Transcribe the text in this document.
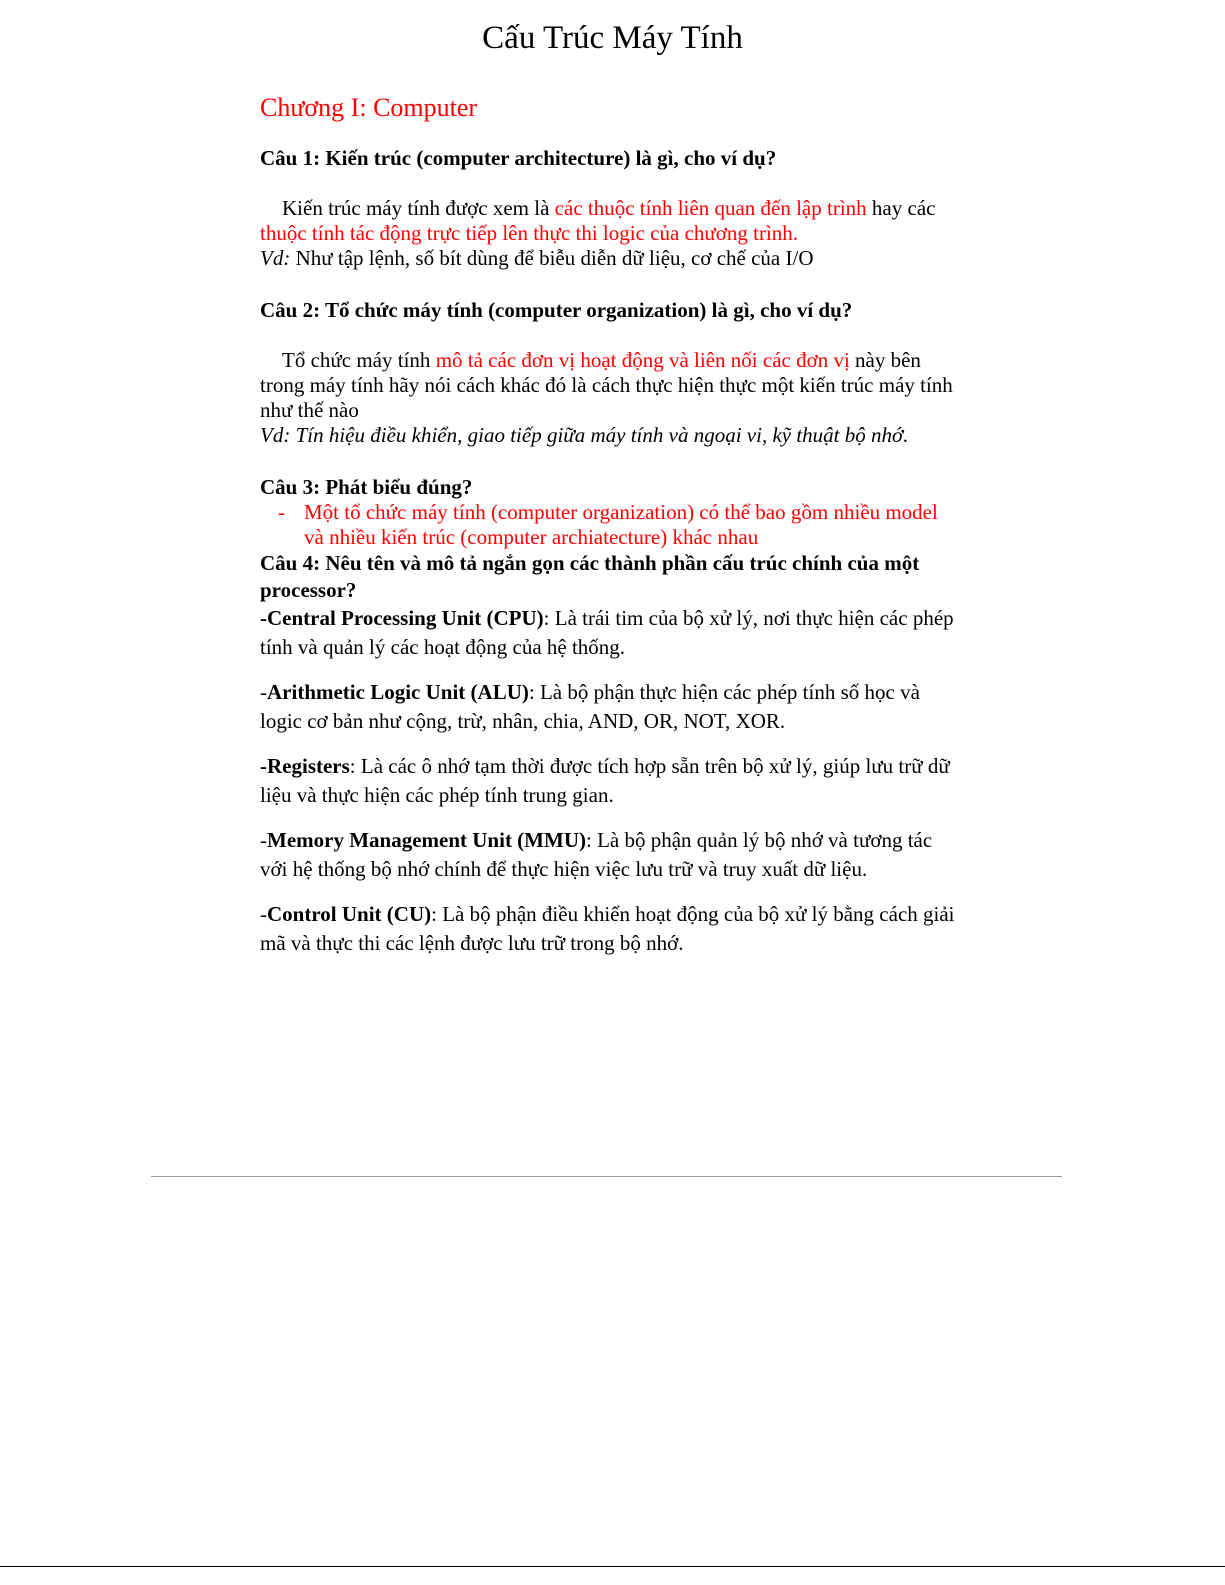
Cấu Trúc Máy Tính
Chương I: Computer

Câu 1: Kiến trúc (computer architecture) là gì, cho ví dụ?

Kiến trúc máy tính được xem là các thuộc tính liên quan đến lập trình hay các thuộc tính tác động trực tiếp lên thực thi logic của chương trình.

Vd: Như tập lệnh, số bít dùng để biễu diễn dữ liệu, cơ chế của I/O

Câu 2: Tổ chức máy tính (computer organization) là gì, cho ví dụ?

Tổ chức máy tính mô tả các đơn vị hoạt động và liên nối các đơn vị này bên trong máy tính hãy nói cách khác đó là cách thực hiện thực một kiến trúc máy tính như thế nào

Vd: Tín hiệu điều khiển, giao tiếp giữa máy tính và ngoại vi, kỹ thuật bộ nhớ.

Câu 3: Phát biểu đúng?

- Một tổ chức máy tính (computer organization) có thể bao gồm nhiều model và nhiều kiến trúc (computer archiatecture) khác nhau

Câu 4: Nêu tên và mô tả ngắn gọn các thành phần cấu trúc chính của một processor?

-Central Processing Unit (CPU): Là trái tim của bộ xử lý, nơi thực hiện các phép tính và quản lý các hoạt động của hệ thống.

-Arithmetic Logic Unit (ALU): Là bộ phận thực hiện các phép tính số học và logic cơ bản như cộng, trừ, nhân, chia, AND, OR, NOT, XOR.

-Registers: Là các ô nhớ tạm thời được tích hợp sẵn trên bộ xử lý, giúp lưu trữ dữ liệu và thực hiện các phép tính trung gian.

-Memory Management Unit (MMU): Là bộ phận quản lý bộ nhớ và tương tác với hệ thống bộ nhớ chính để thực hiện việc lưu trữ và truy xuất dữ liệu.

-Control Unit (CU): Là bộ phận điều khiển hoạt động của bộ xử lý bằng cách giải mã và thực thi các lệnh được lưu trữ trong bộ nhớ.
